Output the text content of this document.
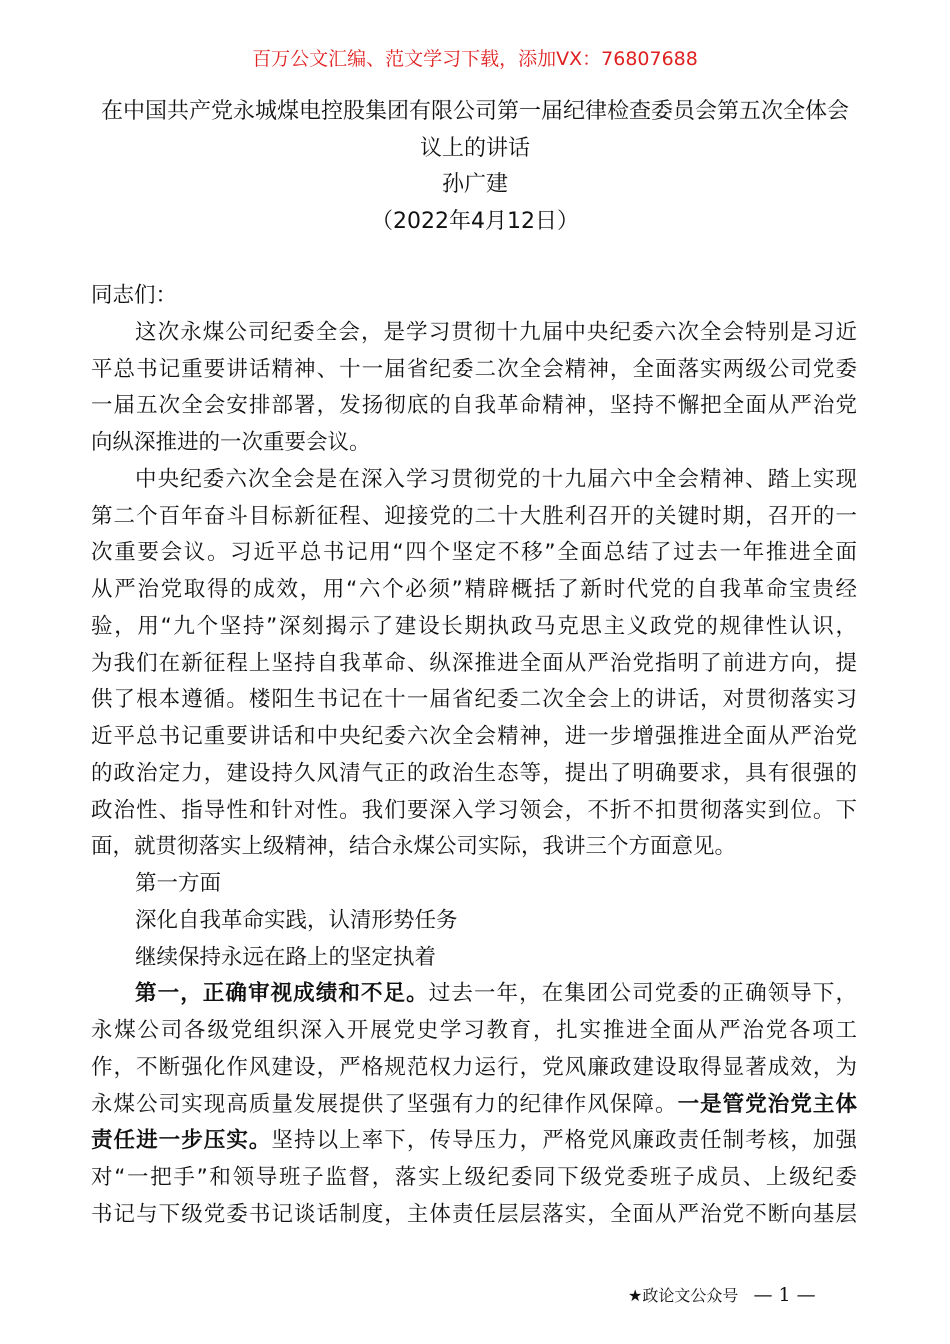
百万公文汇编、范文学习下载，添加VX：76807688
在中国共产党永城煤电控股集团有限公司第一届纪律检查委员会第五次全体会
议上的讲话
孙广建
（2022年4月12日）
同志们：
这次永煤公司纪委全会，是学习贯彻十九届中央纪委六次全会特别是习近
平总书记重要讲话精神、十一届省纪委二次全会精神，全面落实两级公司党委
一届五次全会安排部署，发扬彻底的自我革命精神，坚持不懈把全面从严治党
向纵深推进的一次重要会议。
中央纪委六次全会是在深入学习贯彻党的十九届六中全会精神、踏上实现
第二个百年奋斗目标新征程、迎接党的二十大胜利召开的关键时期，召开的一
次重要会议。习近平总书记用“四个坚定不移”全面总结了过去一年推进全面
从严治党取得的成效，用“六个必须”精辟概括了新时代党的自我革命宝贵经
验，用“九个坚持”深刻揭示了建设长期执政马克思主义政党的规律性认识，
为我们在新征程上坚持自我革命、纵深推进全面从严治党指明了前进方向，提
供了根本遵循。楼阳生书记在十一届省纪委二次全会上的讲话，对贯彻落实习
近平总书记重要讲话和中央纪委六次全会精神，进一步增强推进全面从严治党
的政治定力，建设持久风清气正的政治生态等，提出了明确要求，具有很强的
政治性、指导性和针对性。我们要深入学习领会，不折不扣贯彻落实到位。下
面，就贯彻落实上级精神，结合永煤公司实际，我讲三个方面意见。
第一方面
深化自我革命实践，认清形势任务
继续保持永远在路上的坚定执着
第一，正确审视成绩和不足。过去一年，在集团公司党委的正确领导下，
永煤公司各级党组织深入开展党史学习教育，扎实推进全面从严治党各项工
作，不断强化作风建设，严格规范权力运行，党风廉政建设取得显著成效，为
永煤公司实现高质量发展提供了坚强有力的纪律作风保障。一是管党治党主体
责任进一步压实。坚持以上率下，传导压力，严格党风廉政责任制考核，加强
对“一把手”和领导班子监督，落实上级纪委同下级党委班子成员、上级纪委
书记与下级党委书记谈话制度，主体责任层层落实，全面从严治党不断向基层
★政论文公众号 — 1 —
